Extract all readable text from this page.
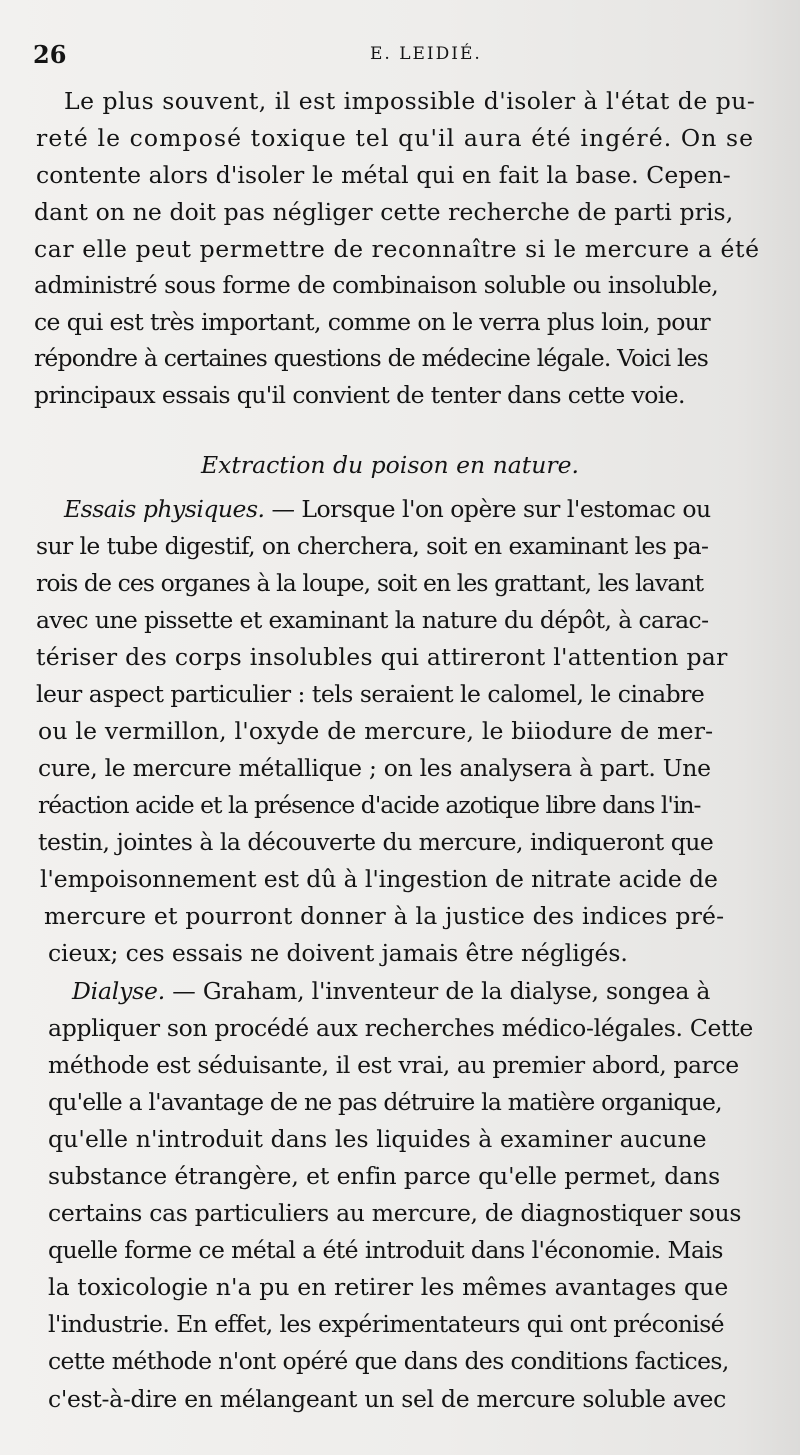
26	E. LEIDIÉ.
Le plus souvent, il est impossible d'isoler à l'état de pu-
reté le composé toxique tel qu'il aura été ingéré. On se
contente alors d'isoler le métal qui en fait la base. Cepen-
dant on ne doit pas négliger cette recherche de parti pris,
car elle peut permettre de reconnaître si le mercure a été
administré sous forme de combinaison soluble ou insoluble,
ce qui est très important, comme on le verra plus loin, pour
répondre à certaines questions de médecine légale. Voici les
principaux essais qu'il convient de tenter dans cette voie.
Extraction du poison en nature.
Essais physiques. — Lorsque l'on opère sur l'estomac ou
sur le tube digestif, on cherchera, soit en examinant les pa-
rois de ces organes à la loupe, soit en les grattant, les lavant
avec une pissette et examinant la nature du dépôt, à carac-
tériser des corps insolubles qui attireront l'attention par
leur aspect particulier : tels seraient le calomel, le cinabre
ou le vermillon, l'oxyde de mercure, le biiodure de mer-
cure, le mercure métallique ; on les analysera à part. Une
réaction acide et la présence d'acide azotique libre dans l'in-
testin, jointes à la découverte du mercure, indiqueront que
l'empoisonnement est dû à l'ingestion de nitrate acide de
mercure et pourront donner à la justice des indices pré-
cieux; ces essais ne doivent jamais être négligés.
Dialyse. — Graham, l'inventeur de la dialyse, songea à
appliquer son procédé aux recherches médico-légales. Cette
méthode est séduisante, il est vrai, au premier abord, parce
qu'elle a l'avantage de ne pas détruire la matière organique,
qu'elle n'introduit dans les liquides à examiner aucune
substance étrangère, et enfin parce qu'elle permet, dans
certains cas particuliers au mercure, de diagnostiquer sous
quelle forme ce métal a été introduit dans l'économie. Mais
la toxicologie n'a pu en retirer les mêmes avantages que
l'industrie. En effet, les expérimentateurs qui ont préconisé
cette méthode n'ont opéré que dans des conditions factices,
c'est-à-dire en mélangeant un sel de mercure soluble avec
